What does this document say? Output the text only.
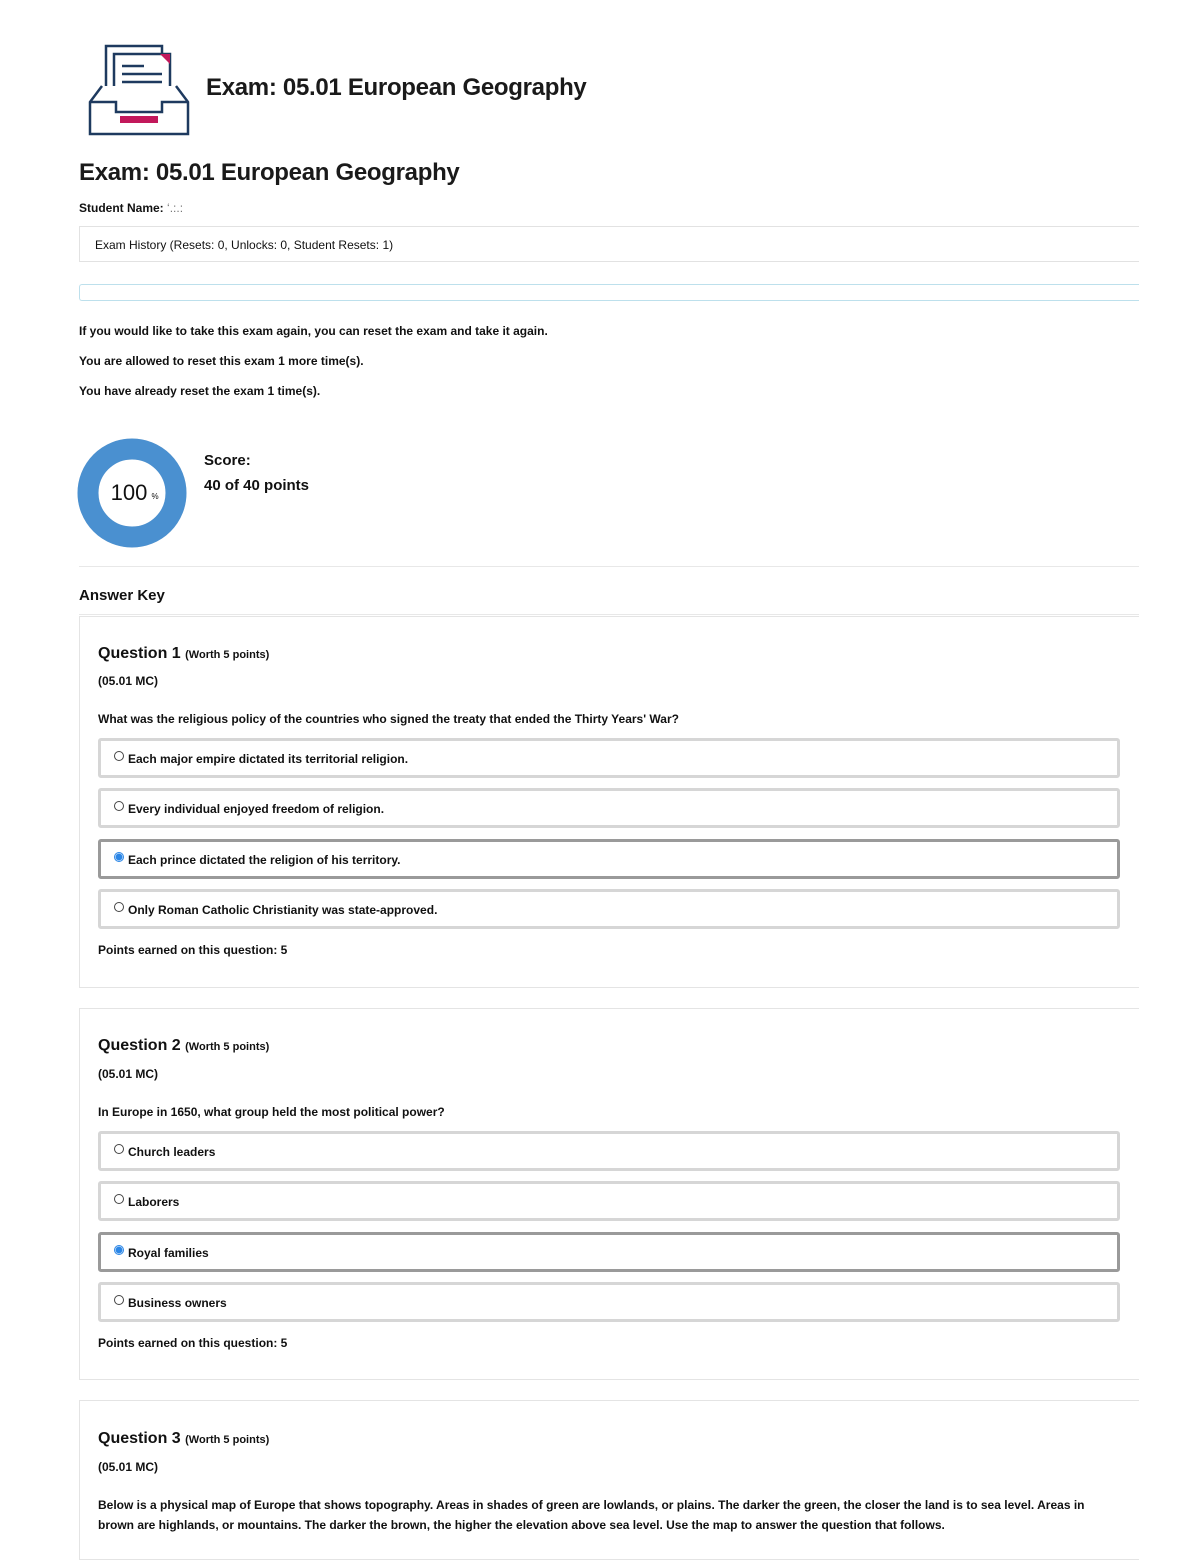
Exam: 05.01 European Geography
Exam: 05.01 European Geography
Student Name: ‘.:.:
Exam History (Resets: 0, Unlocks: 0, Student Resets: 1)
If you would like to take this exam again, you can reset the exam and take it again.
You are allowed to reset this exam 1 more time(s).
You have already reset the exam 1 time(s).
100 %
Score:
40 of 40 points
Answer Key
Question 1 (Worth 5 points)
(05.01 MC)
What was the religious policy of the countries who signed the treaty that ended the Thirty Years' War?
Each major empire dictated its territorial religion.
Every individual enjoyed freedom of religion.
Each prince dictated the religion of his territory.
Only Roman Catholic Christianity was state-approved.
Points earned on this question: 5
Question 2 (Worth 5 points)
(05.01 MC)
In Europe in 1650, what group held the most political power?
Church leaders
Laborers
Royal families
Business owners
Points earned on this question: 5
Question 3 (Worth 5 points)
(05.01 MC)
Below is a physical map of Europe that shows topography. Areas in shades of green are lowlands, or plains. The darker the green, the closer the land is to sea level. Areas in brown are highlands, or mountains. The darker the brown, the higher the elevation above sea level. Use the map to answer the question that follows.
